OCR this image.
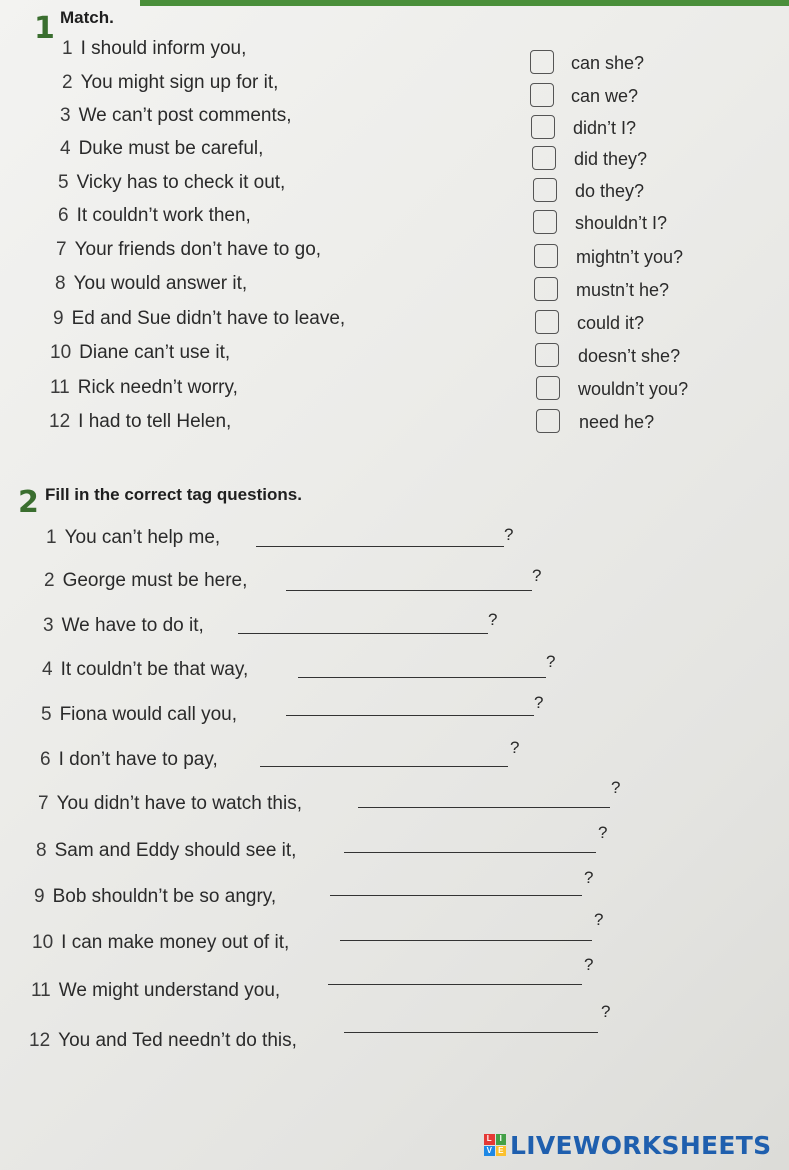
1 Match.
1 I should inform you,
2 You might sign up for it,
3 We can’t post comments,
4 Duke must be careful,
5 Vicky has to check it out,
6 It couldn’t work then,
7 Your friends don’t have to go,
8 You would answer it,
9 Ed and Sue didn’t have to leave,
10 Diane can’t use it,
11 Rick needn’t worry,
12 I had to tell Helen,
can she?
can we?
didn’t I?
did they?
do they?
shouldn’t I?
mightn’t you?
mustn’t he?
could it?
doesn’t she?
wouldn’t you?
need he?
2 Fill in the correct tag questions.
1 You can’t help me,	?
2 George must be here,	?
3 We have to do it,	?
4 It couldn’t be that way,	?
5 Fiona would call you,
?
6 I don’t have to pay,
?
7 You didn’t have to watch this,
?
8 Sam and Eddy should see it,
?
9 Bob shouldn’t be so angry,
?
10 I can make money out of it,
?
11 We might understand you,
?
12 You and Ted needn’t do this,
?
L I
V E LIVEWORKSHEETS
